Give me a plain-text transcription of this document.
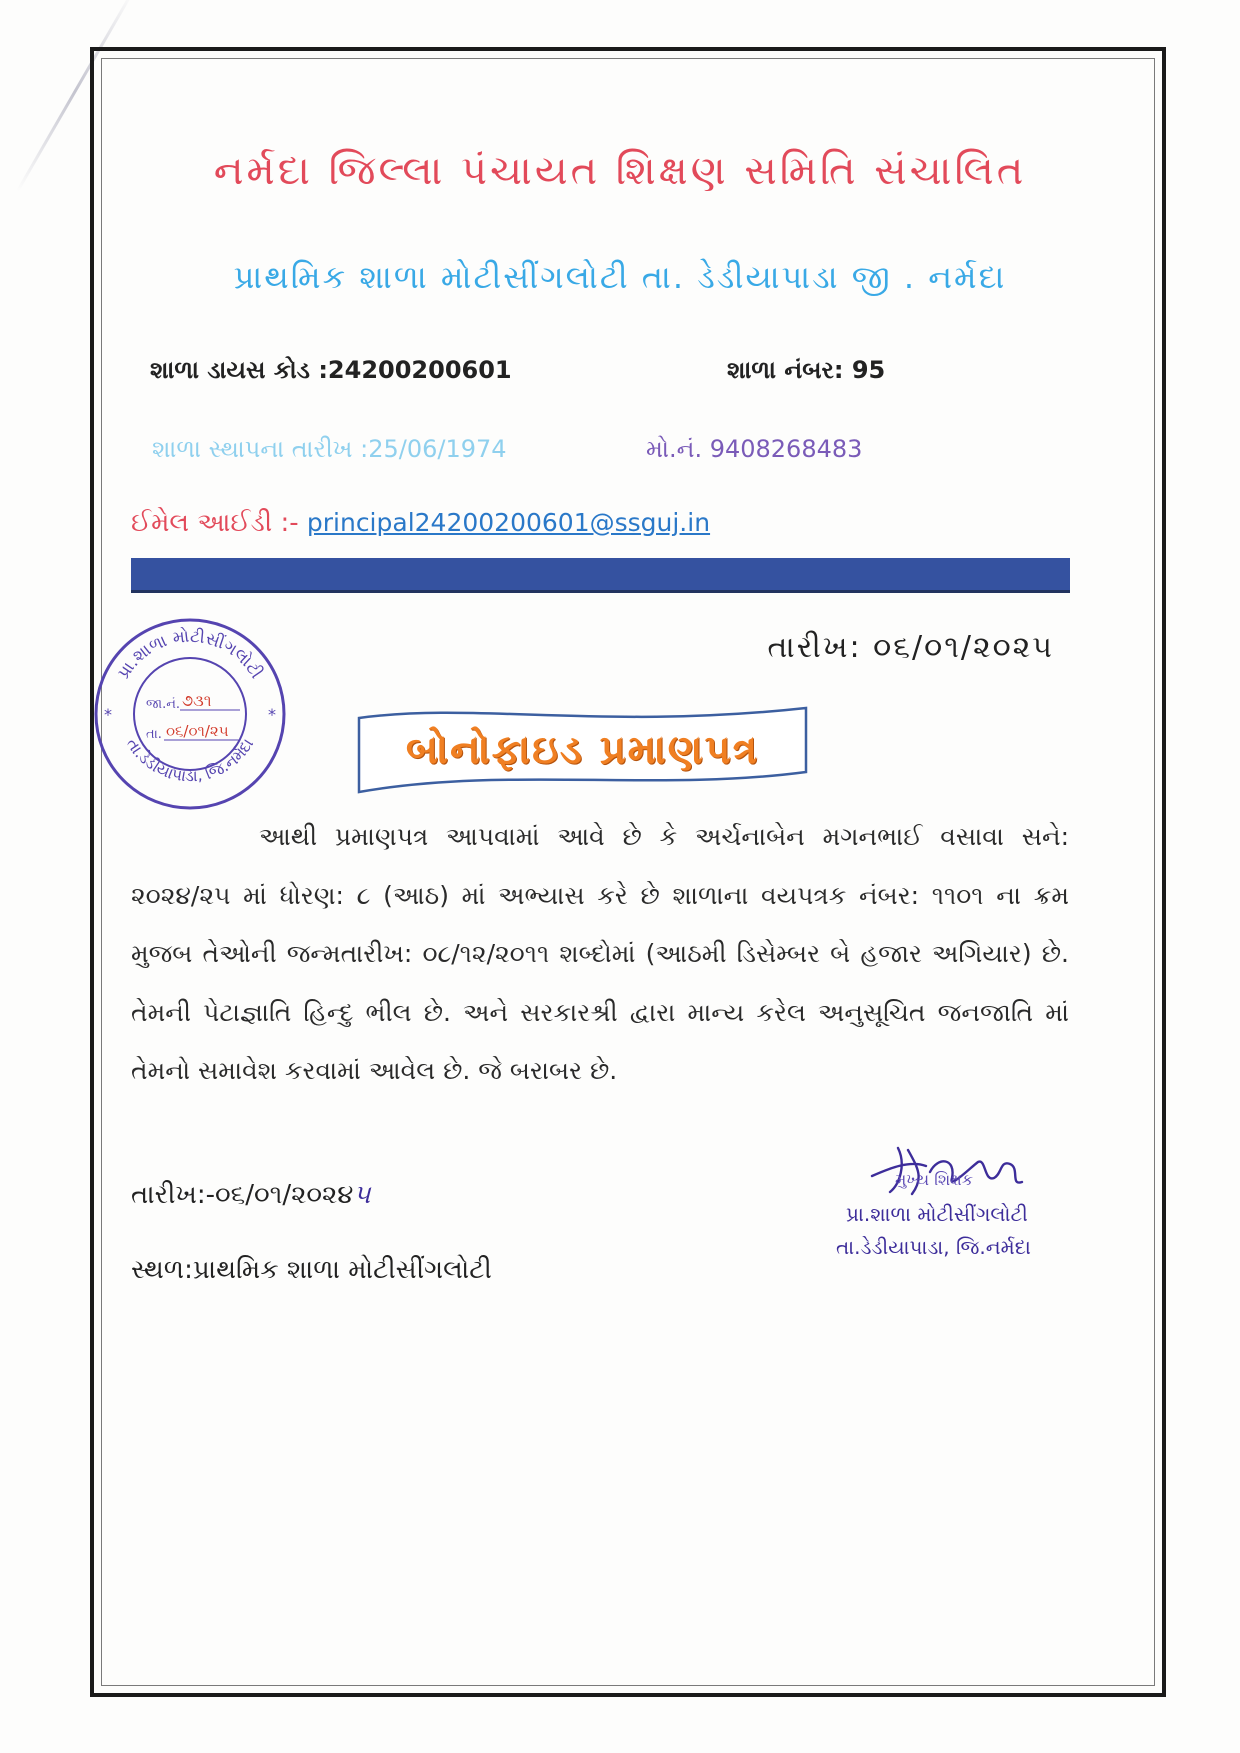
નર્મદા જિલ્લા પંચાયત શિક્ષણ સમિતિ સંચાલિત
પ્રાથમિક શાળા મોટીસીંગલોટી તા. ડેડીયાપાડા જી . નર્મદા
શાળા ડાયસ કોડ :24200200601	શાળા નંબર: 95
શાળા સ્થાપના તારીખ :25/06/1974	મો.નં. 9408268483
ઈમેલ આઈડી :- principal24200200601@ssguj.in
તારીખ: ૦૬/૦૧/૨૦૨૫
પ્રા.શાળા મોટીસીંગલોટી
તા.ડેડીયાપાડા, જિ.નર્મદા
*	*
જા.નં. ૭૩૧
તા. ૦૬/૦૧/૨૫	બોનોફાઇડ પ્રમાણપત્ર
આથી પ્રમાણપત્ર આપવામાં આવે છે કે અર્ચનાબેન મગનભાઈ વસાવા સને: ૨૦૨૪/૨૫ માં ધોરણ: ૮ (આઠ) માં અભ્યાસ કરે છે શાળાના વયપત્રક નંબર: ૧૧૦૧ ના ક્રમ મુજબ તેઓની જન્મતારીખ: ૦૮/૧૨/૨૦૧૧ શબ્દોમાં (આઠમી ડિસેમ્બર બે હજાર અગિયાર) છે. તેમની પેટાજ્ઞાતિ હિન્દુ ભીલ છે. અને સરકારશ્રી દ્વારા માન્ય કરેલ અનુસૂચિત જનજાતિ માં તેમનો સમાવેશ કરવામાં આવેલ છે. જે બરાબર છે.
તારીખ:-૦૬/૦૧/૨૦૨૪૫
સ્થળ:પ્રાથમિક શાળા મોટીસીંગલોટી
મુખ્ય શિક્ષક
પ્રા.શાળા મોટીસીંગલોટી
તા.ડેડીયાપાડા, જિ.નર્મદા
